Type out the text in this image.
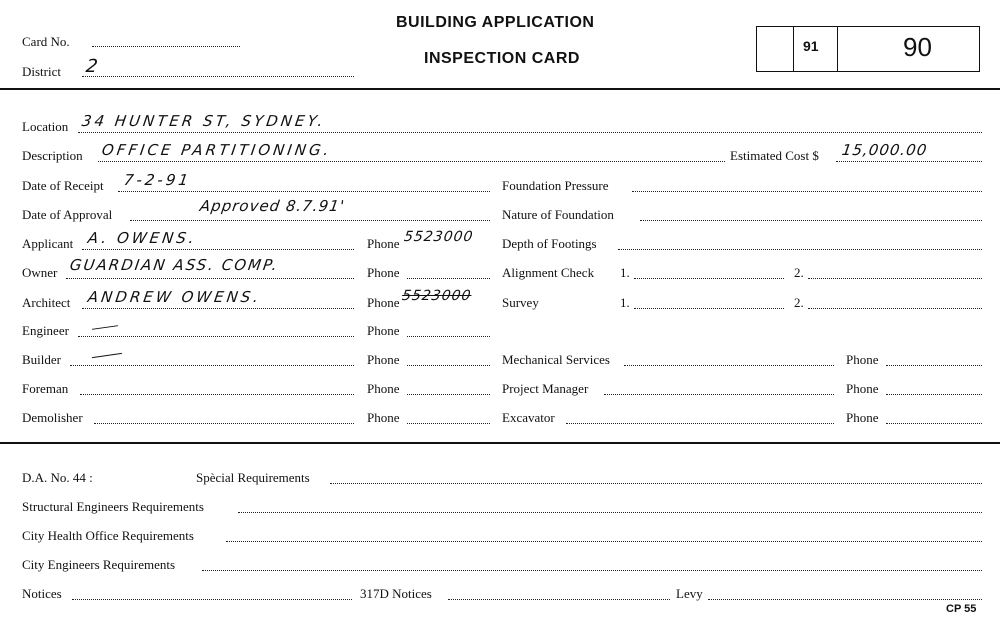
Card No.
District 2
BUILDING APPLICATION
INSPECTION CARD
91	90
Location 34 HUNTER ST, SYDNEY.
Description OFFICE PARTITIONING.	Estimated Cost $ 15,000.00
Date of Receipt 7-2-91
Date of Approval	Approved 8.7.91'
Applicant A. OWENS.	Phone 5523000
Owner GUARDIAN ASS. COMP.	Phone
Architect ANDREW OWENS.	Phone 5523000
Engineer	Phone
Builder	Phone
Foreman	Phone
Demolisher	Phone
Foundation Pressure
Nature of Foundation
Depth of Footings
Alignment Check 1.	2.
Survey	1.	2.
Mechanical Services	Phone
Project Manager	Phone
Excavator	Phone
D.A. No. 44 :	Spècial Requirements
Structural Engineers Requirements
City Health Office Requirements
City Engineers Requirements
Notices	317D Notices	Levy
CP 55
